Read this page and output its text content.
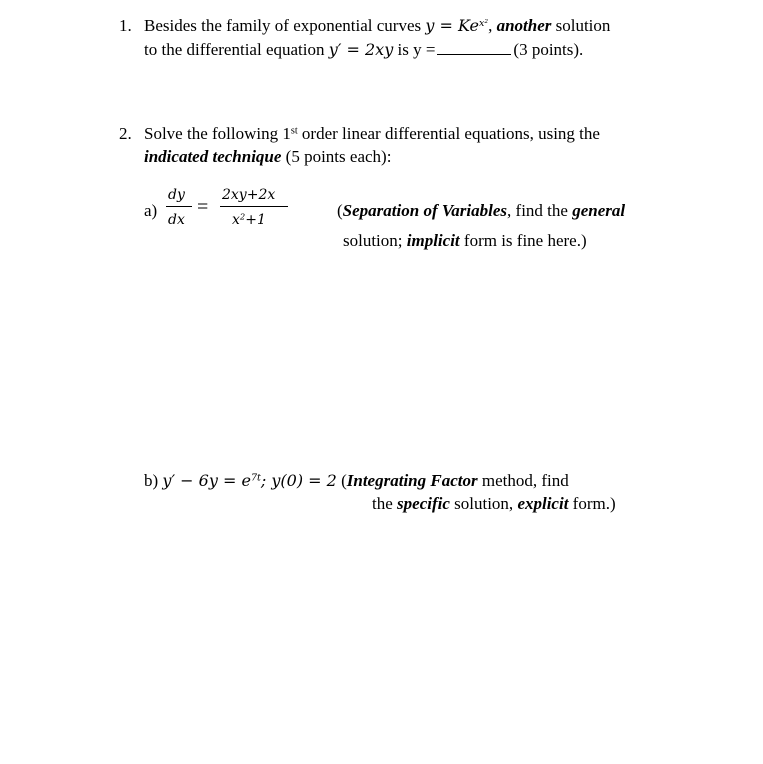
1. Besides the family of exponential curves $y = Ke^{x^2}$, another solution
to the differential equation y′ = 2xy is y =	(3 points).
2. Solve the following 1st order linear differential equations, using the
indicated technique (5 points each):
a)
dy
dx
=
2xy+2x
$x^2+1$	(Separation of Variables, find the general
solution; implicit form is fine here.)
b) $y' - 6y = e^{7t}$; y(0) = 2 (Integrating Factor method, find
the specific solution, explicit form.)
